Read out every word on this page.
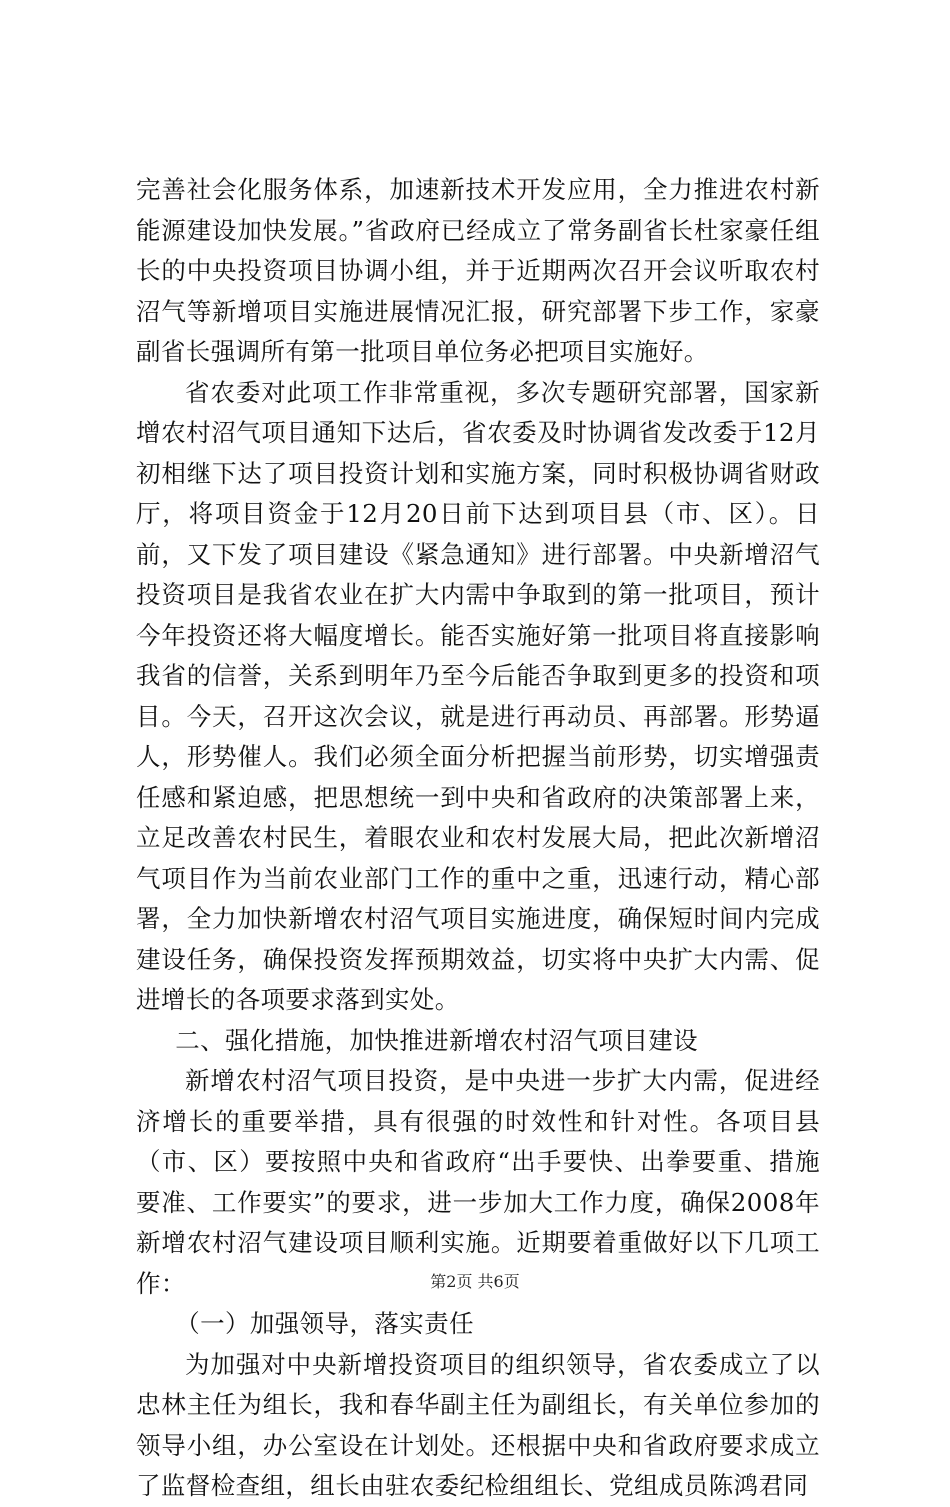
完善社会化服务体系，加速新技术开发应用，全力推进农村新能源建设加快发展。”省政府已经成立了常务副省长杜家豪任组长的中央投资项目协调小组，并于近期两次召开会议听取农村沼气等新增项目实施进展情况汇报，研究部署下步工作，家豪副省长强调所有第一批项目单位务必把项目实施好。

省农委对此项工作非常重视，多次专题研究部署，国家新增农村沼气项目通知下达后，省农委及时协调省发改委于12月初相继下达了项目投资计划和实施方案，同时积极协调省财政厅，将项目资金于12月20日前下达到项目县（市、区）。日前，又下发了项目建设《紧急通知》进行部署。中央新增沼气投资项目是我省农业在扩大内需中争取到的第一批项目，预计今年投资还将大幅度增长。能否实施好第一批项目将直接影响我省的信誉，关系到明年乃至今后能否争取到更多的投资和项目。今天，召开这次会议，就是进行再动员、再部署。形势逼人，形势催人。我们必须全面分析把握当前形势，切实增强责任感和紧迫感，把思想统一到中央和省政府的决策部署上来，立足改善农村民生，着眼农业和农村发展大局，把此次新增沼气项目作为当前农业部门工作的重中之重，迅速行动，精心部署，全力加快新增农村沼气项目实施进度，确保短时间内完成建设任务，确保投资发挥预期效益，切实将中央扩大内需、促进增长的各项要求落到实处。

二、强化措施，加快推进新增农村沼气项目建设

新增农村沼气项目投资，是中央进一步扩大内需，促进经济增长的重要举措，具有很强的时效性和针对性。各项目县（市、区）要按照中央和省政府“出手要快、出拳要重、措施要准、工作要实”的要求，进一步加大工作力度，确保2008年新增农村沼气建设项目顺利实施。近期要着重做好以下几项工作：

（一）加强领导，落实责任

为加强对中央新增投资项目的组织领导，省农委成立了以忠林主任为组长，我和春华副主任为副组长，有关单位参加的领导小组，办公室设在计划处。还根据中央和省政府要求成立了监督检查组，组长由驻农委纪检组组长、党组成员陈鸿君同

第2页 共6页
